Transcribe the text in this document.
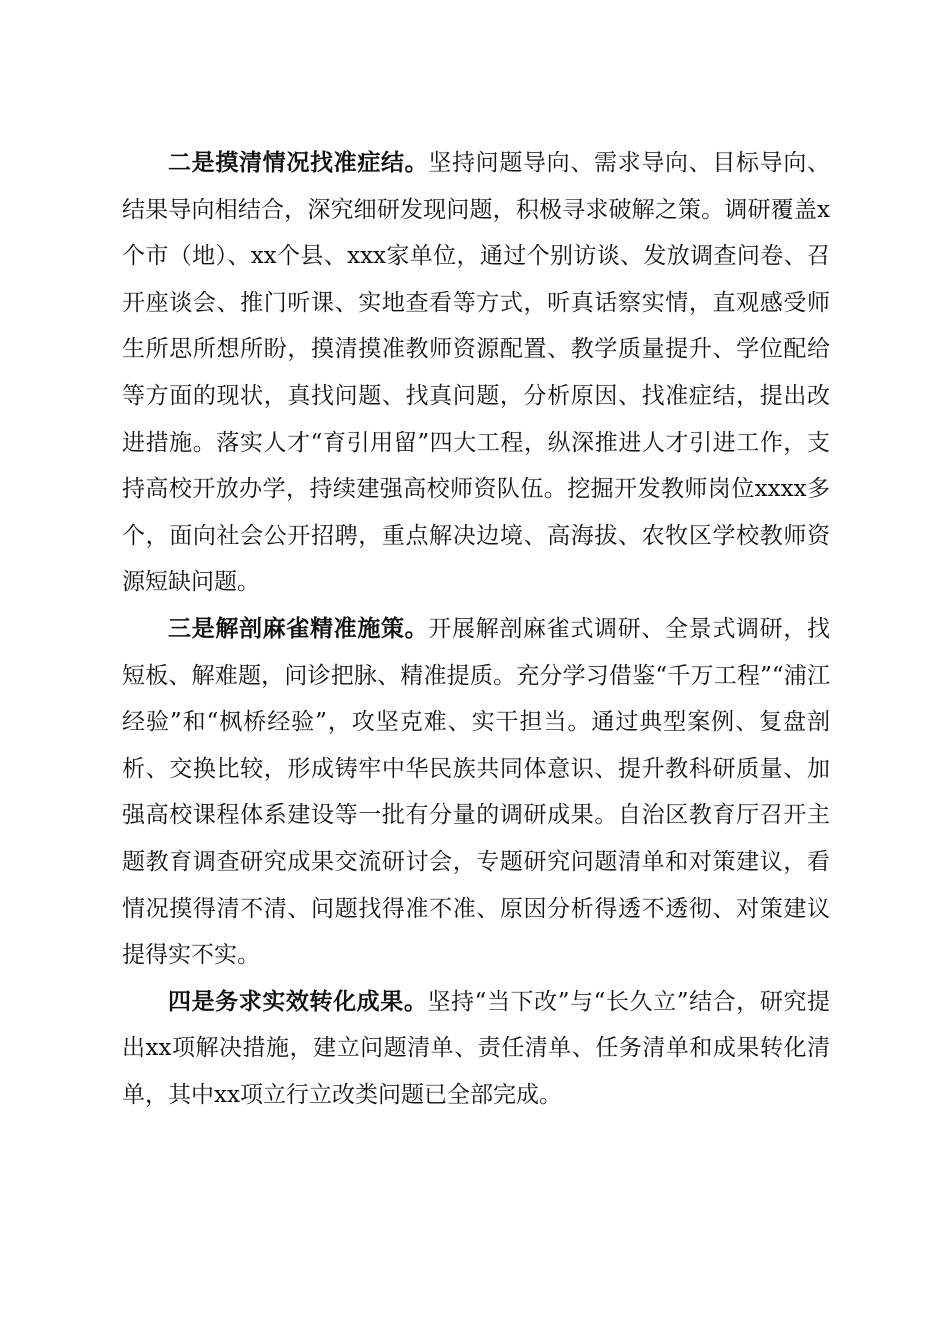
二是摸清情况找准症结。坚持问题导向、需求导向、目标导向、结果导向相结合，深究细研发现问题，积极寻求破解之策。调研覆盖x个市（地）、xx个县、xxx家单位，通过个别访谈、发放调查问卷、召开座谈会、推门听课、实地查看等方式，听真话察实情，直观感受师生所思所想所盼，摸清摸准教师资源配置、教学质量提升、学位配给等方面的现状，真找问题、找真问题，分析原因、找准症结，提出改进措施。落实人才“育引用留”四大工程，纵深推进人才引进工作，支持高校开放办学，持续建强高校师资队伍。挖掘开发教师岗位xxxx多个，面向社会公开招聘，重点解决边境、高海拔、农牧区学校教师资源短缺问题。

三是解剖麻雀精准施策。开展解剖麻雀式调研、全景式调研，找短板、解难题，问诊把脉、精准提质。充分学习借鉴“千万工程”“浦江经验”和“枫桥经验”，攻坚克难、实干担当。通过典型案例、复盘剖析、交换比较，形成铸牢中华民族共同体意识、提升教科研质量、加强高校课程体系建设等一批有分量的调研成果。自治区教育厅召开主题教育调查研究成果交流研讨会，专题研究问题清单和对策建议，看情况摸得清不清、问题找得准不准、原因分析得透不透彻、对策建议提得实不实。

四是务求实效转化成果。坚持“当下改”与“长久立”结合，研究提出xx项解决措施，建立问题清单、责任清单、任务清单和成果转化清单，其中xx项立行立改类问题已全部完成。
